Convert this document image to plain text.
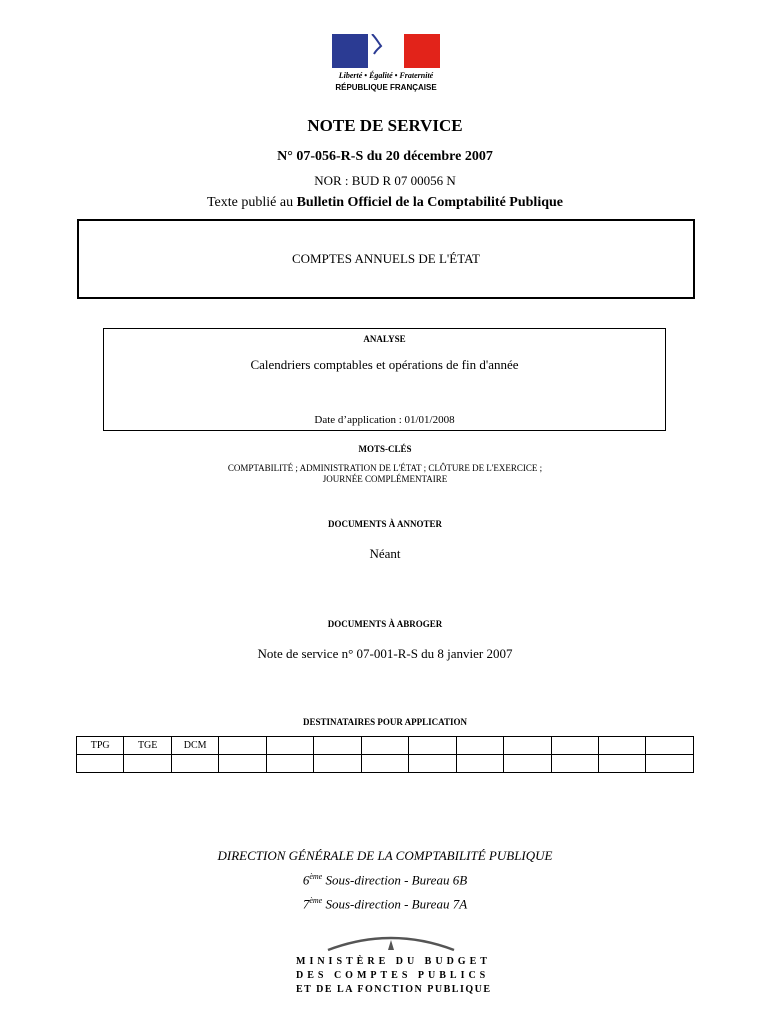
Liberté • Égalité • Fraternité
RÉPUBLIQUE FRANÇAISE
NOTE DE SERVICE
N° 07-056-R-S du 20 décembre 2007
NOR : BUD R 07 00056 N
Texte publié au Bulletin Officiel de la Comptabilité Publique
COMPTES ANNUELS DE L'ÉTAT
ANALYSE
Calendriers comptables et opérations de fin d'année
Date d’application : 01/01/2008
MOTS-CLÉS
COMPTABILITÉ ; ADMINISTRATION DE L'ÉTAT ; CLÔTURE DE L'EXERCICE ;
JOURNÉE COMPLÉMENTAIRE
DOCUMENTS À ANNOTER
Néant
DOCUMENTS À ABROGER
Note de service n° 07-001-R-S du 8 janvier 2007
DESTINATAIRES POUR APPLICATION
TPG	TGE	DCM										

DIRECTION GÉNÉRALE DE LA COMPTABILITÉ PUBLIQUE
6ème Sous-direction - Bureau 6B
7ème Sous-direction - Bureau 7A
MINISTÈRE DU BUDGET
DES COMPTES PUBLICS
ET DE LA FONCTION PUBLIQUE
